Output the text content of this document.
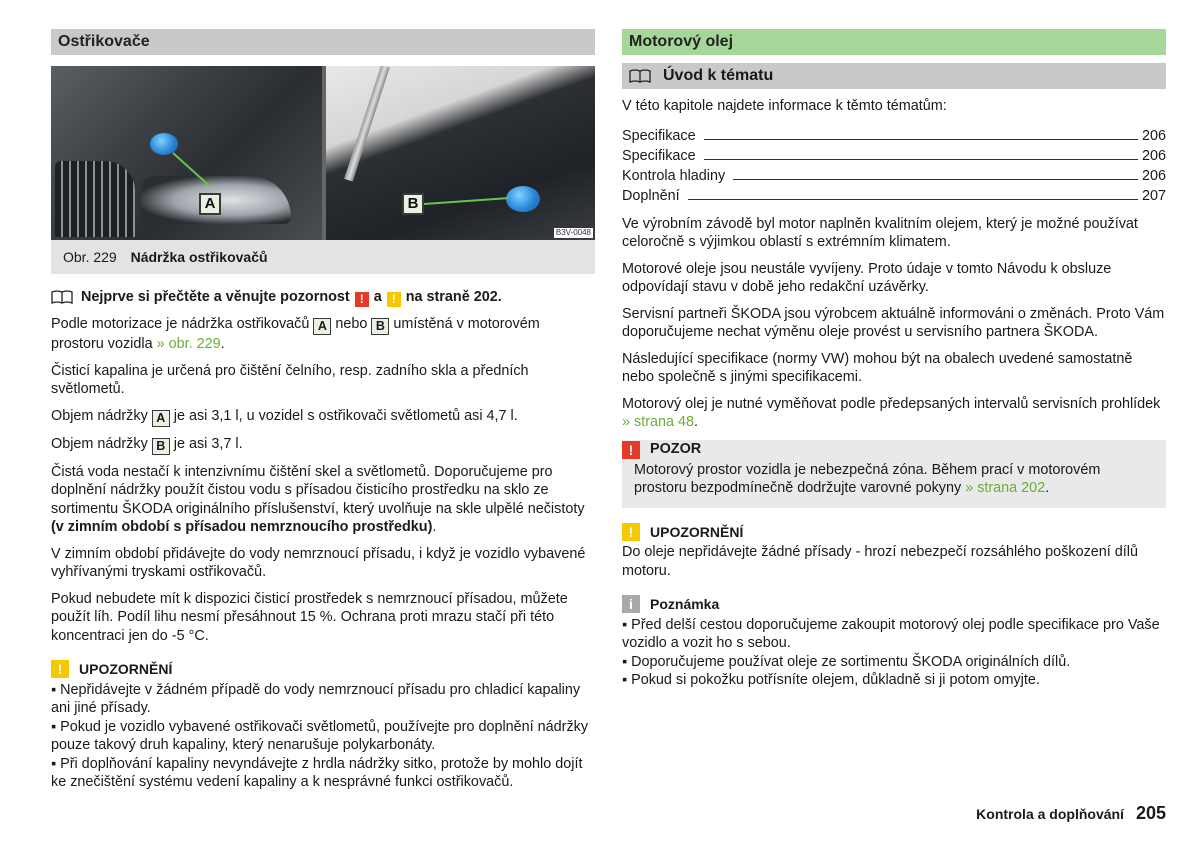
Ostřikovače
A	B
B3V-0048
Obr. 229 Nádržka ostřikovačů
Nejprve si přečtěte a věnujte pozornost ! a ! na straně 202.

Podle motorizace je nádržka ostřikovačů A nebo B umístěná v motorovém prostoru vozidla » obr. 229.

Čisticí kapalina je určená pro čištění čelního, resp. zadního skla a předních světlometů.

Objem nádržky A je asi 3,1 l, u vozidel s ostřikovači světlometů asi 4,7 l.

Objem nádržky B je asi 3,7 l.

Čistá voda nestačí k intenzivnímu čištění skel a světlometů. Doporučujeme pro doplnění nádržky použít čistou vodu s přísadou čisticího prostředku na sklo ze sortimentu ŠKODA originálního příslušenství, který uvolňuje na skle ulpělé nečistoty (v zimním období s přísadou nemrznoucího prostředku).

V zimním období přidávejte do vody nemrznoucí přísadu, i když je vozidlo vybavené vyhřívanými tryskami ostřikovačů.

Pokud nebudete mít k dispozici čisticí prostředek s nemrznoucí přísadou, můžete použít líh. Podíl lihu nesmí přesáhnout 15 %. Ochrana proti mrazu stačí při této koncentraci jen do -5 °C.

!	UPOZORNĚNÍ
▪ Nepřidávejte v žádném případě do vody nemrznoucí přísadu pro chladicí kapaliny ani jiné přísady.
▪ Pokud je vozidlo vybavené ostřikovači světlometů, používejte pro doplnění nádržky pouze takový druh kapaliny, který nenarušuje polykarbonáty.
▪ Při doplňování kapaliny nevyndávejte z hrdla nádržky sitko, protože by mohlo dojít ke znečištění systému vedení kapaliny a k nesprávné funkci ostřikovačů.
Motorový olej
Úvod k tématu

V této kapitole najdete informace k těmto tématům:

Specifikace	206
Specifikace	206
Kontrola hladiny	206
Doplnění	207

Ve výrobním závodě byl motor naplněn kvalitním olejem, který je možné používat celoročně s výjimkou oblastí s extrémním klimatem.

Motorové oleje jsou neustále vyvíjeny. Proto údaje v tomto Návodu k obsluze odpovídají stavu v době jeho redakční uzávěrky.

Servisní partneři ŠKODA jsou výrobcem aktuálně informováni o změnách. Proto Vám doporučujeme nechat výměnu oleje provést u servisního partnera ŠKODA.

Následující specifikace (normy VW) mohou být na obalech uvedené samostatně nebo společně s jinými specifikacemi.

Motorový olej je nutné vyměňovat podle předepsaných intervalů servisních prohlídek » strana 48.

!	POZOR
Motorový prostor vozidla je nebezpečná zóna. Během prací v motorovém prostoru bezpodmínečně dodržujte varovné pokyny » strana 202.
!	UPOZORNĚNÍ

Do oleje nepřidávejte žádné přísady - hrozí nebezpečí rozsáhlého poškození dílů motoru.

i	Poznámka
▪ Před delší cestou doporučujeme zakoupit motorový olej podle specifikace pro Vaše vozidlo a vozit ho s sebou.
▪ Doporučujeme používat oleje ze sortimentu ŠKODA originálních dílů.
▪ Pokud si pokožku potřísníte olejem, důkladně si ji potom omyjte.
Kontrola a doplňování 205
